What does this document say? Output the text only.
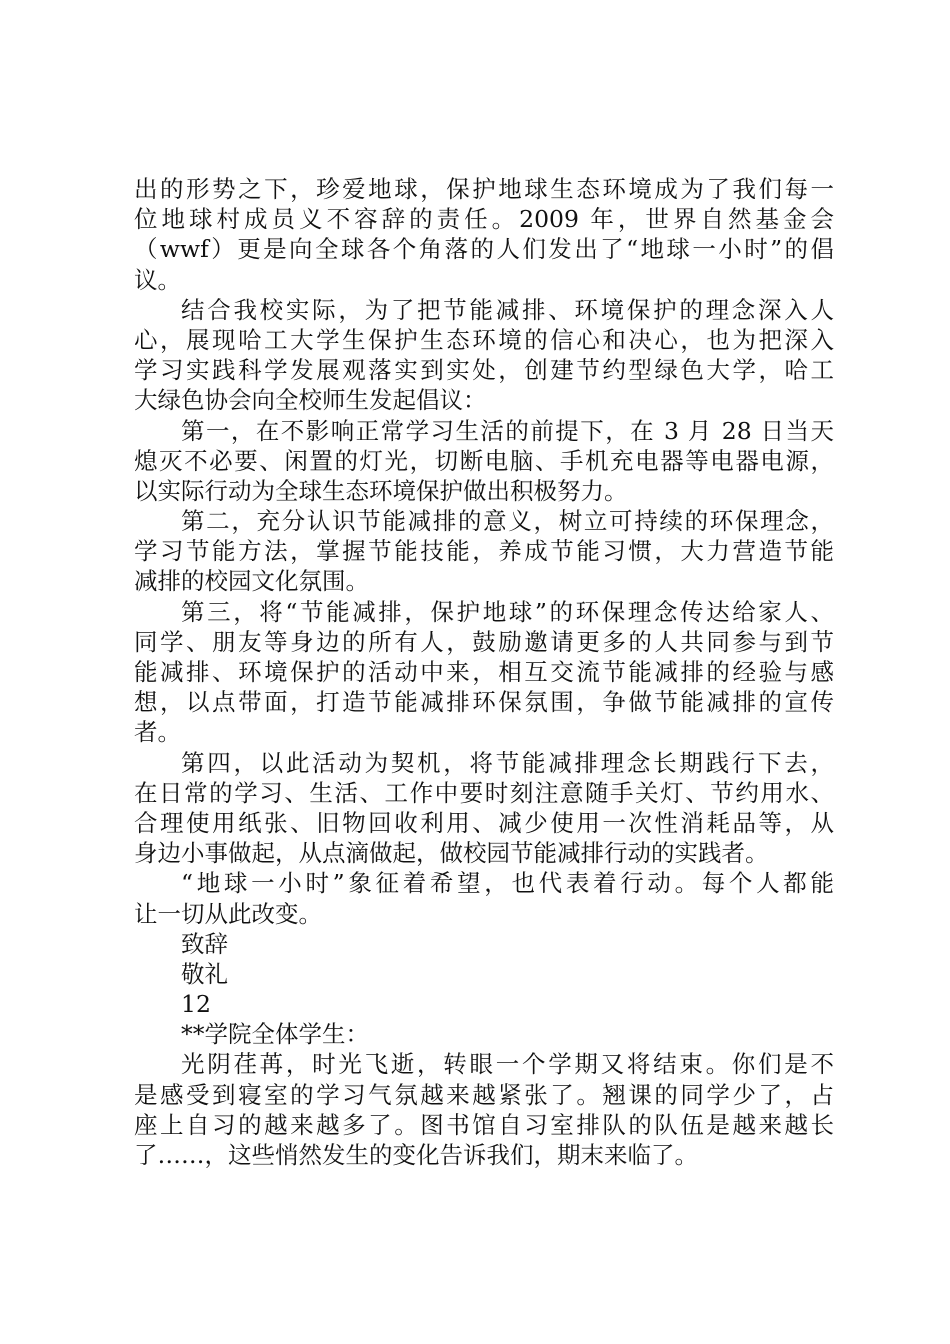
出的形势之下，珍爱地球，保护地球生态环境成为了我们每一
位地球村成员义不容辞的责任。2009 年，世界自然基金会
（wwf）更是向全球各个角落的人们发出了“地球一小时”的倡
议。
结合我校实际，为了把节能减排、环境保护的理念深入人
心，展现哈工大学生保护生态环境的信心和决心，也为把深入
学习实践科学发展观落实到实处，创建节约型绿色大学，哈工
大绿色协会向全校师生发起倡议：
第一，在不影响正常学习生活的前提下，在 3 月 28 日当天
熄灭不必要、闲置的灯光，切断电脑、手机充电器等电器电源，
以实际行动为全球生态环境保护做出积极努力。
第二，充分认识节能减排的意义，树立可持续的环保理念，
学习节能方法，掌握节能技能，养成节能习惯，大力营造节能
减排的校园文化氛围。
第三，将“节能减排，保护地球”的环保理念传达给家人、
同学、朋友等身边的所有人，鼓励邀请更多的人共同参与到节
能减排、环境保护的活动中来，相互交流节能减排的经验与感
想，以点带面，打造节能减排环保氛围，争做节能减排的宣传
者。
第四，以此活动为契机，将节能减排理念长期践行下去，
在日常的学习、生活、工作中要时刻注意随手关灯、节约用水、
合理使用纸张、旧物回收利用、减少使用一次性消耗品等，从
身边小事做起，从点滴做起，做校园节能减排行动的实践者。
“地球一小时”象征着希望，也代表着行动。每个人都能
让一切从此改变。
致辞
敬礼
12
**学院全体学生：
光阴荏苒，时光飞逝，转眼一个学期又将结束。你们是不
是感受到寝室的学习气氛越来越紧张了。翘课的同学少了，占
座上自习的越来越多了。图书馆自习室排队的队伍是越来越长
了……，这些悄然发生的变化告诉我们，期末来临了。
